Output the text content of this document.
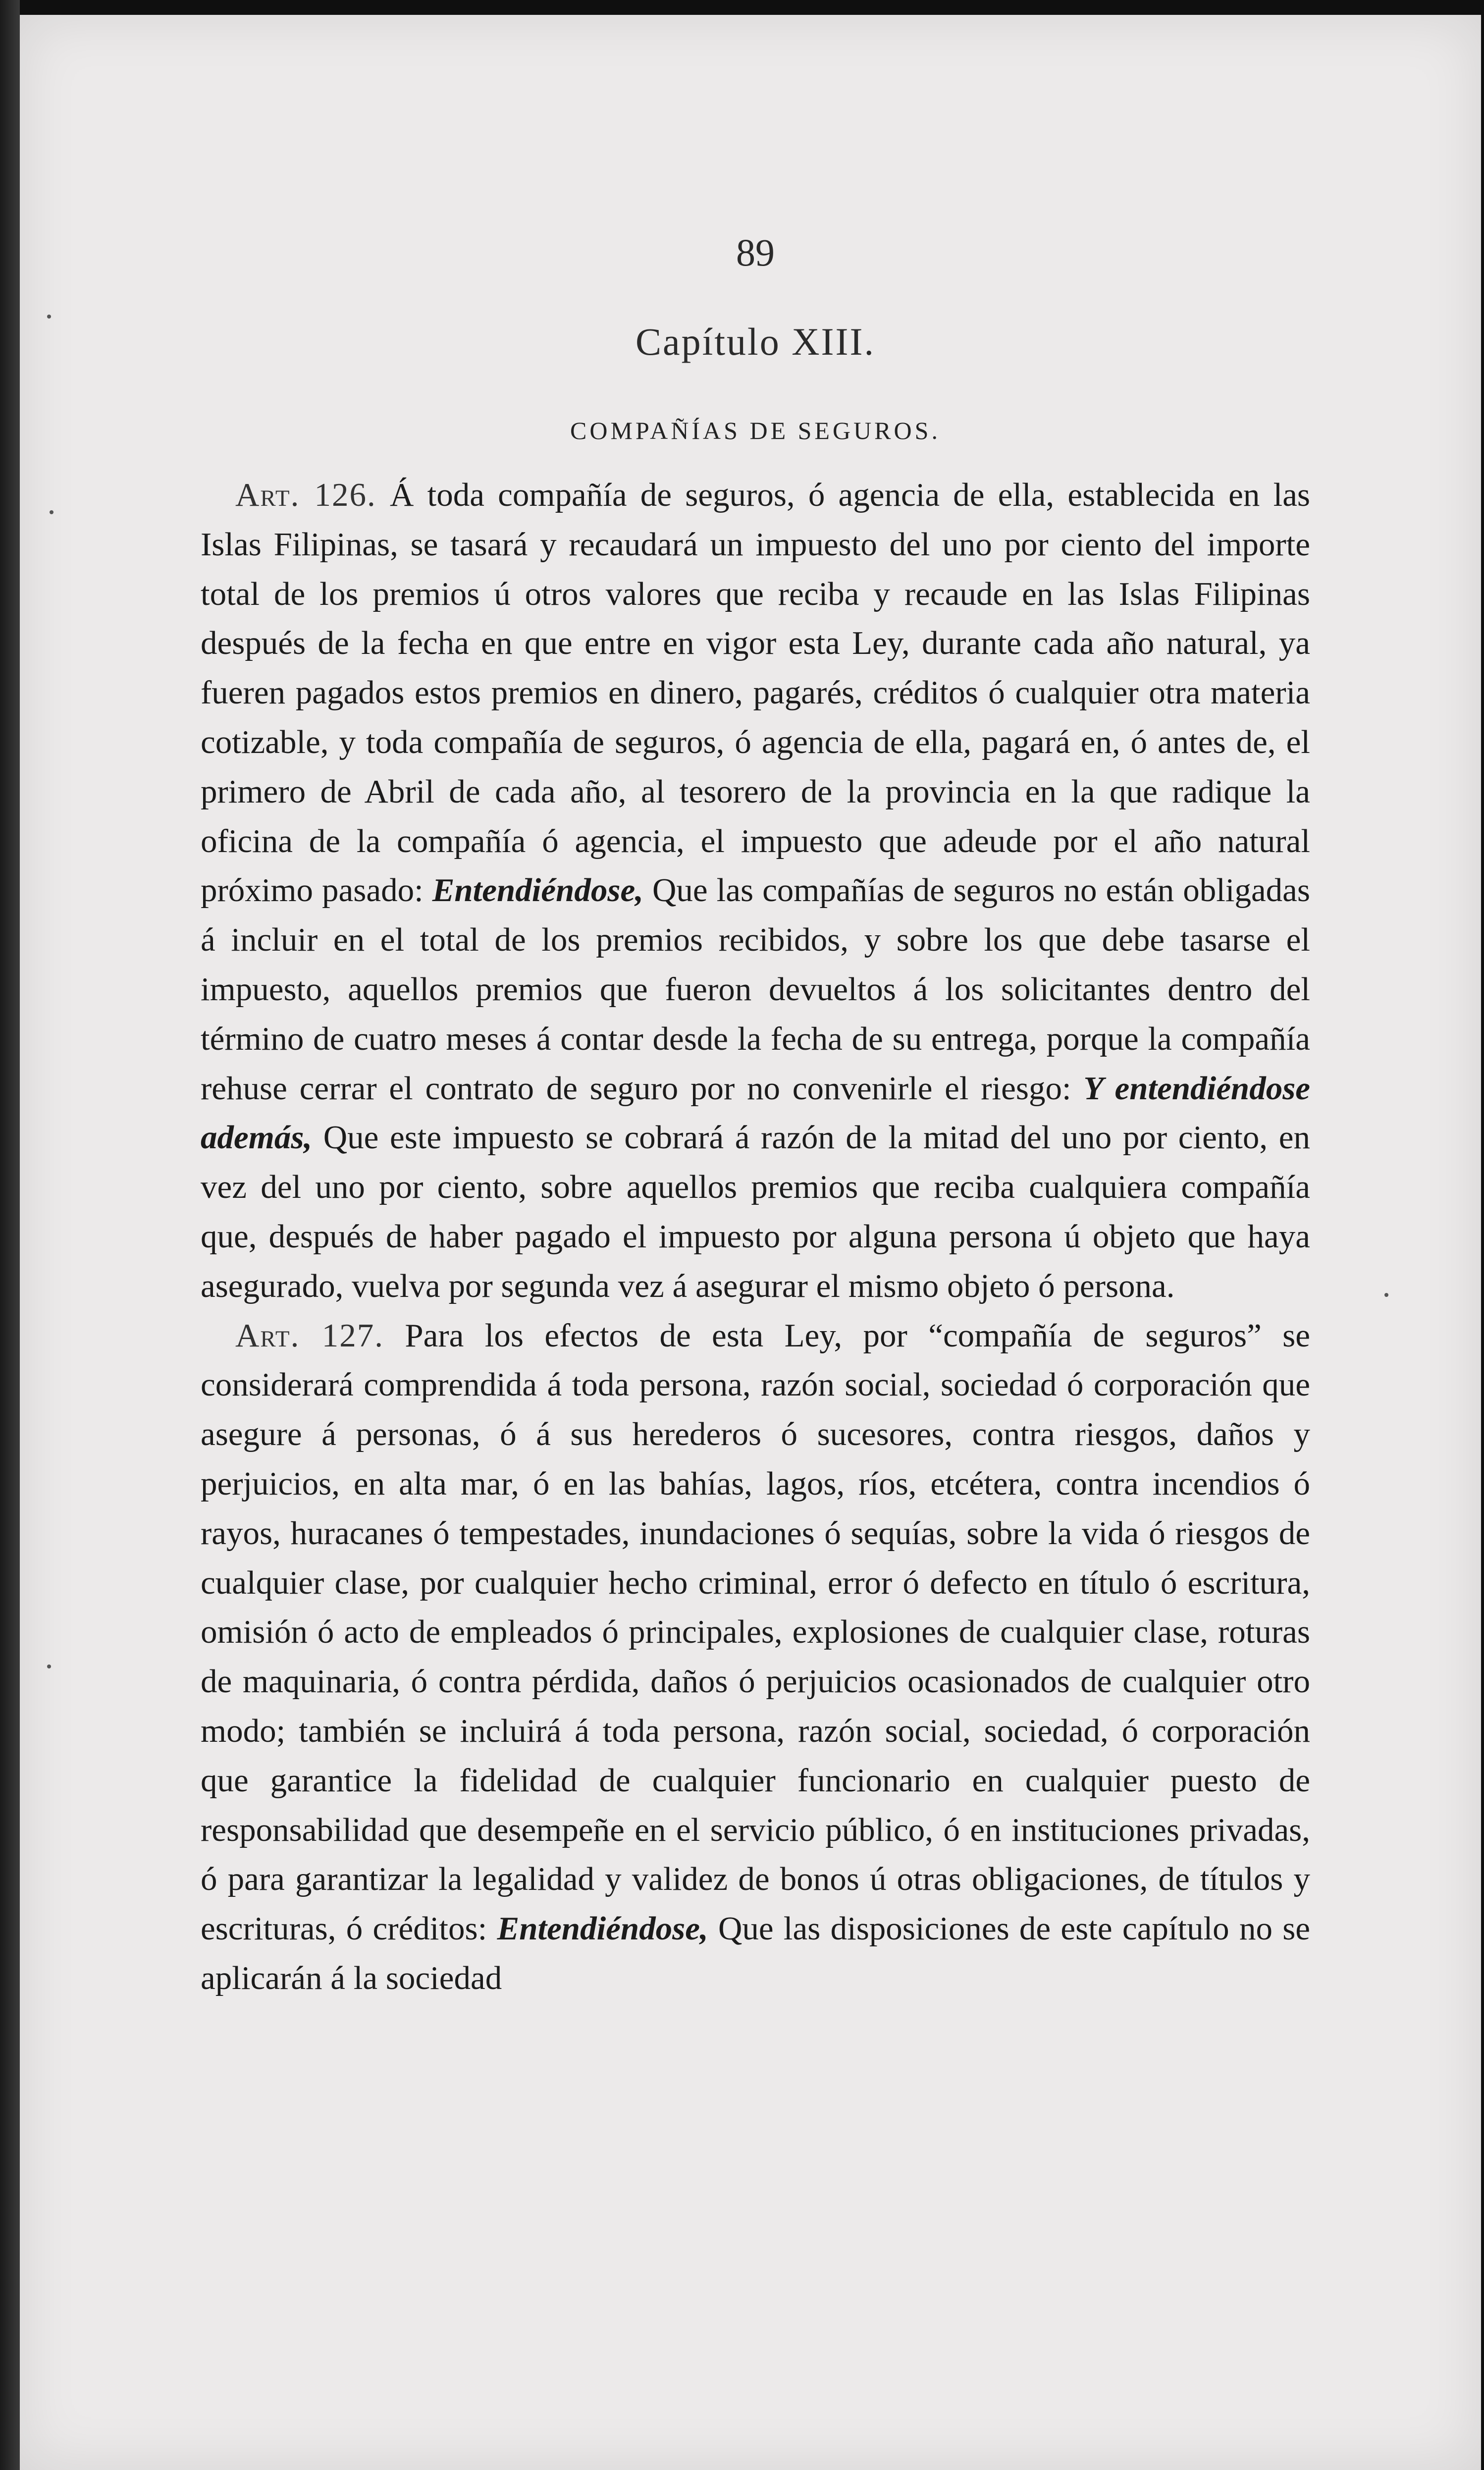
89
Capítulo XIII.
COMPAÑÍAS DE SEGUROS.

Art. 126. Á toda compañía de seguros, ó agencia de ella, establecida en las Islas Filipinas, se tasará y recaudará un impuesto del uno por ciento del importe total de los premios ú otros valores que reciba y recaude en las Islas Filipinas después de la fecha en que entre en vigor esta Ley, durante cada año natural, ya fueren pagados estos premios en dinero, pagarés, créditos ó cualquier otra materia cotizable, y toda compañía de seguros, ó agencia de ella, pagará en, ó antes de, el primero de Abril de cada año, al tesorero de la provincia en la que radique la oficina de la compañía ó agencia, el impuesto que adeude por el año natural próximo pasado: Entendiéndose, Que las compañías de seguros no están obligadas á incluir en el total de los premios recibidos, y sobre los que debe tasarse el impuesto, aquellos premios que fueron devueltos á los solicitantes dentro del término de cuatro meses á contar desde la fecha de su entrega, porque la compañía rehuse cerrar el contrato de seguro por no convenirle el riesgo: Y entendiéndose además, Que este impuesto se cobrará á razón de la mitad del uno por ciento, en vez del uno por ciento, sobre aquellos premios que reciba cualquiera compañía que, después de haber pagado el impuesto por alguna persona ú objeto que haya asegurado, vuelva por segunda vez á asegurar el mismo objeto ó persona.

Art. 127. Para los efectos de esta Ley, por “compañía de seguros” se considerará comprendida á toda persona, razón social, sociedad ó corporación que asegure á personas, ó á sus herederos ó sucesores, contra riesgos, daños y perjuicios, en alta mar, ó en las bahías, lagos, ríos, etcétera, contra incendios ó rayos, huracanes ó tempestades, inundaciones ó sequías, sobre la vida ó riesgos de cualquier clase, por cualquier hecho criminal, error ó defecto en título ó escritura, omisión ó acto de empleados ó principales, explosiones de cualquier clase, roturas de maquinaria, ó contra pérdida, daños ó perjuicios ocasionados de cualquier otro modo; también se incluirá á toda persona, razón social, sociedad, ó corporación que garantice la fidelidad de cualquier funcionario en cualquier puesto de responsabilidad que desempeñe en el servicio público, ó en instituciones privadas, ó para garantizar la legalidad y validez de bonos ú otras obligaciones, de títulos y escrituras, ó créditos: Entendiéndose, Que las disposiciones de este capítulo no se aplicarán á la sociedad
